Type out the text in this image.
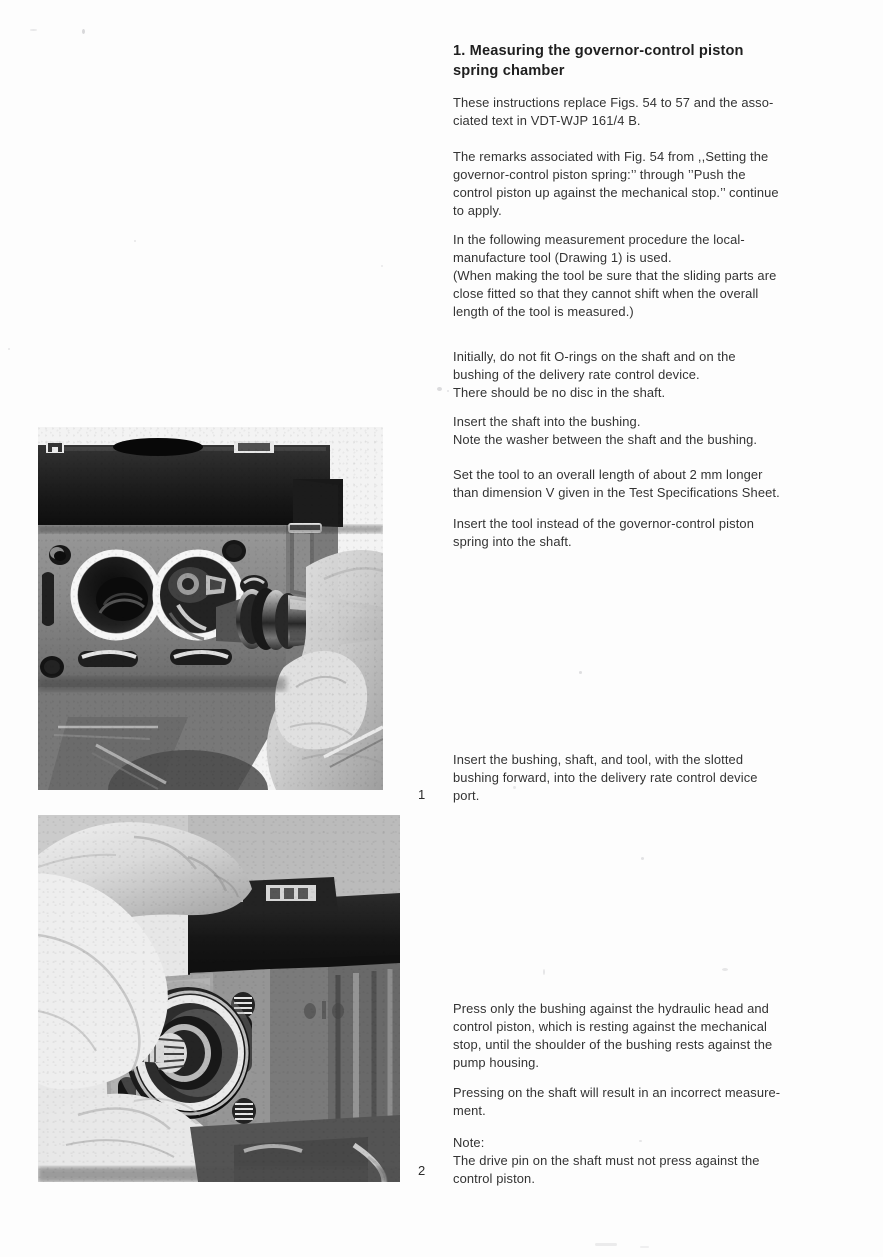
1. Measuring the governor-control piston spring chamber
These instructions replace Figs. 54 to 57 and the asso-
ciated text in VDT-WJP 161/4 B.
The remarks associated with Fig. 54 from ,,Setting the
governor-control piston spring:’’ through ’’Push the
control piston up against the mechanical stop.’’ continue
to apply.
In the following measurement procedure the local-
manufacture tool (Drawing 1) is used.
(When making the tool be sure that the sliding parts are
close fitted so that they cannot shift when the overall
length of the tool is measured.)
Initially, do not fit O-rings on the shaft and on the
bushing of the delivery rate control device.
There should be no disc in the shaft.
Insert the shaft into the bushing.
Note the washer between the shaft and the bushing.
Set the tool to an overall length of about 2 mm longer
than dimension V given in the Test Specifications Sheet.
Insert the tool instead of the governor-control piston
spring into the shaft.
1
Insert the bushing, shaft, and tool, with the slotted
bushing forward, into the delivery rate control device
port.
2
Press only the bushing against the hydraulic head and
control piston, which is resting against the mechanical
stop, until the shoulder of the bushing rests against the
pump housing.
Pressing on the shaft will result in an incorrect measure-
ment.
Note:
The drive pin on the shaft must not press against the
control piston.
